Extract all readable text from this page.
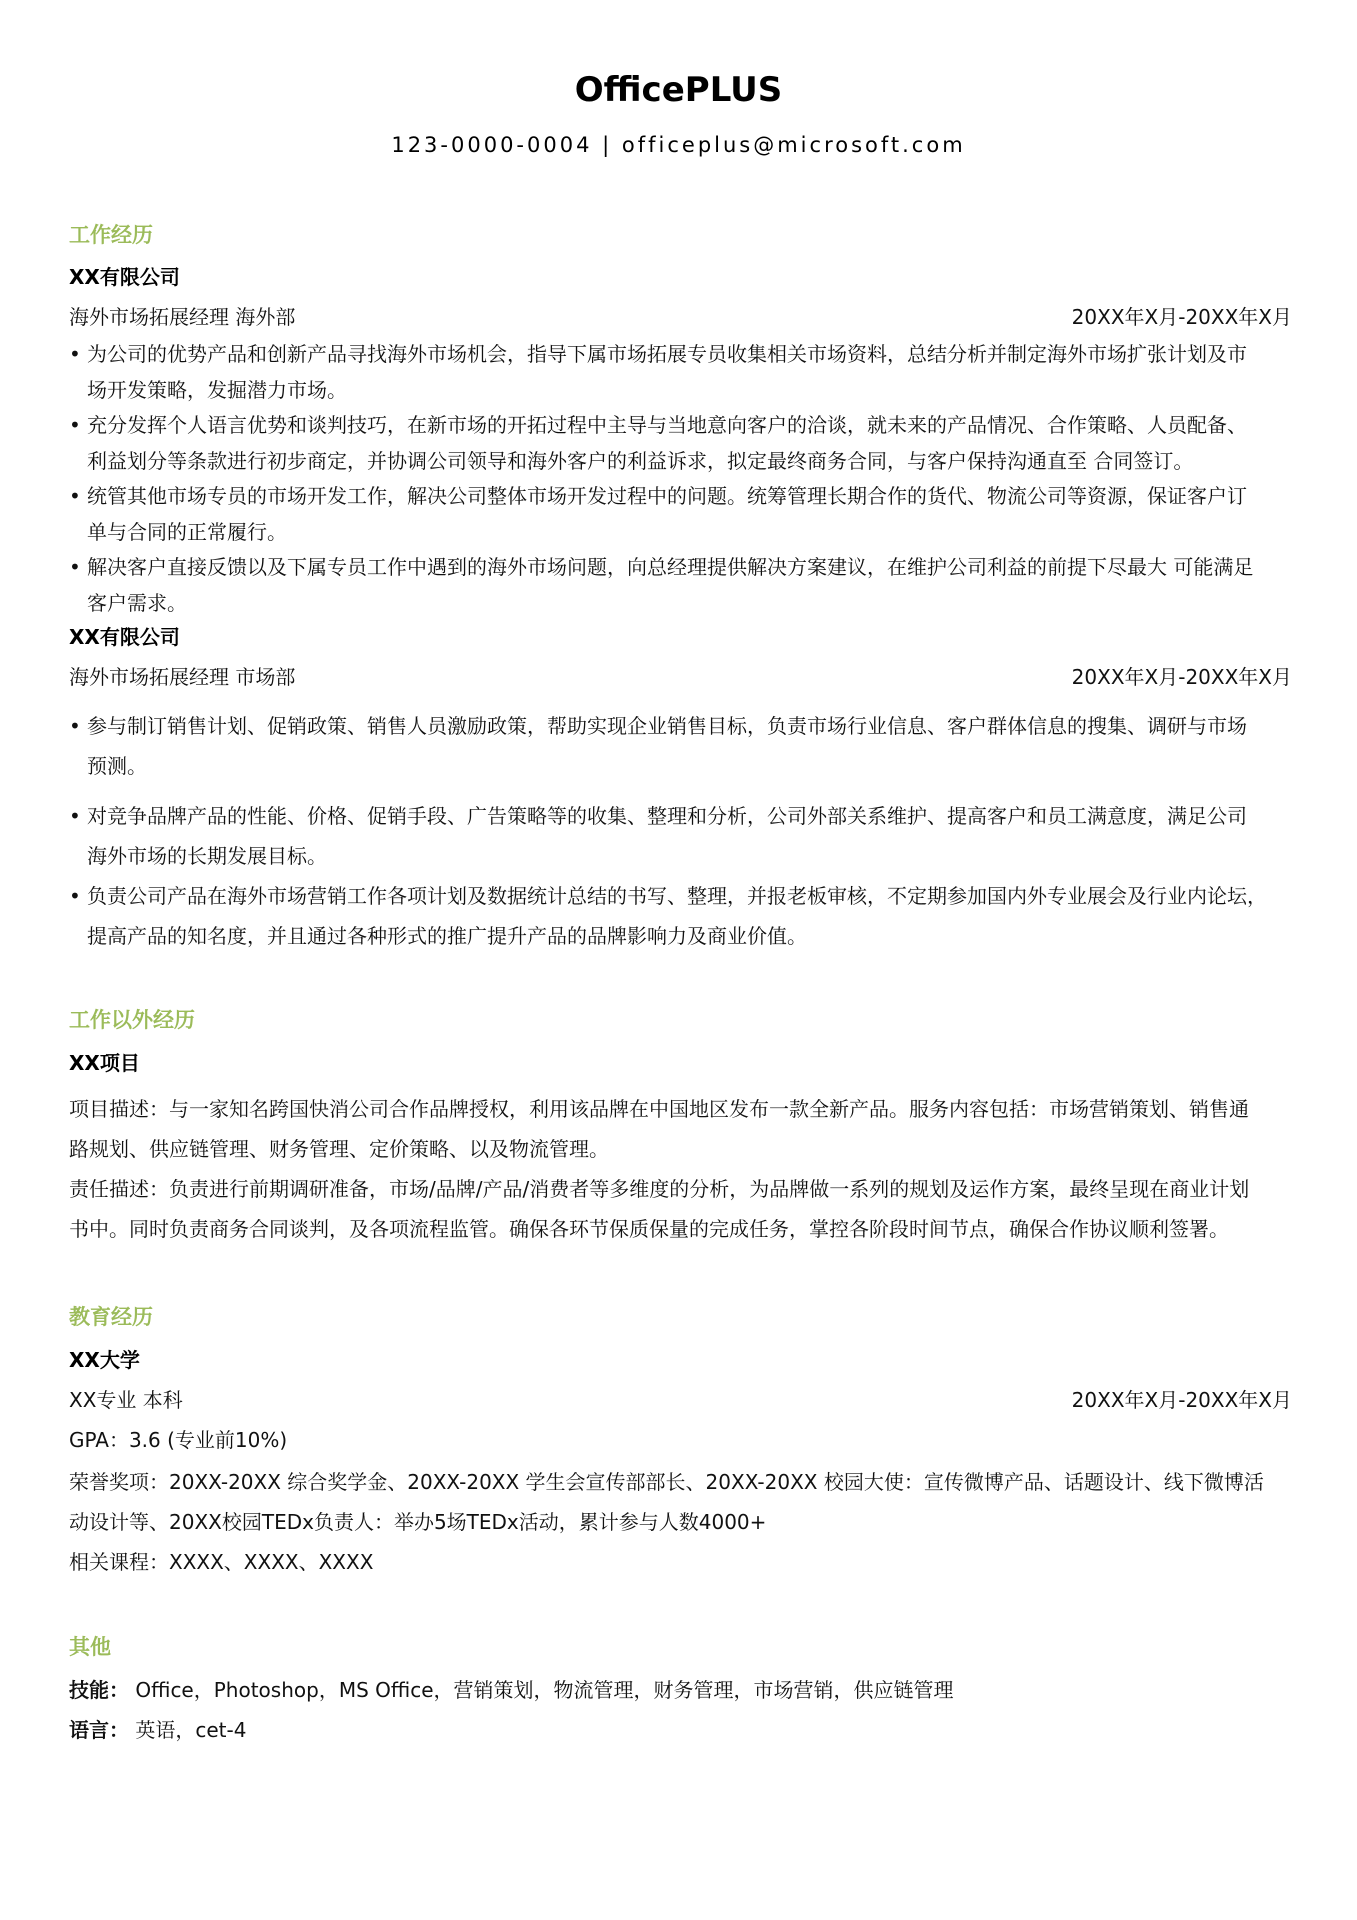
OfficePLUS
123-0000-0004 | officeplus@microsoft.com
工作经历
XX有限公司
海外市场拓展经理 海外部	20XX年X月-20XX年X月
• 为公司的优势产品和创新产品寻找海外市场机会，指导下属市场拓展专员收集相关市场资料，总结分析并制定海外市场扩张计划及市
场开发策略，发掘潜力市场。
• 充分发挥个人语言优势和谈判技巧，在新市场的开拓过程中主导与当地意向客户的洽谈，就未来的产品情况、合作策略、人员配备、
利益划分等条款进行初步商定，并协调公司领导和海外客户的利益诉求，拟定最终商务合同，与客户保持沟通直至 合同签订。
• 统管其他市场专员的市场开发工作，解决公司整体市场开发过程中的问题。统筹管理长期合作的货代、物流公司等资源，保证客户订
单与合同的正常履行。
• 解决客户直接反馈以及下属专员工作中遇到的海外市场问题，向总经理提供解决方案建议，在维护公司利益的前提下尽最大 可能满足
客户需求。
XX有限公司
海外市场拓展经理 市场部	20XX年X月-20XX年X月
• 参与制订销售计划、促销政策、销售人员激励政策，帮助实现企业销售目标，负责市场行业信息、客户群体信息的搜集、调研与市场
预测。
• 对竞争品牌产品的性能、价格、促销手段、广告策略等的收集、整理和分析，公司外部关系维护、提高客户和员工满意度，满足公司
海外市场的长期发展目标。
• 负责公司产品在海外市场营销工作各项计划及数据统计总结的书写、整理，并报老板审核，不定期参加国内外专业展会及行业内论坛，
提高产品的知名度，并且通过各种形式的推广提升产品的品牌影响力及商业价值。
工作以外经历
XX项目
项目描述：与一家知名跨国快消公司合作品牌授权，利用该品牌在中国地区发布一款全新产品。服务内容包括：市场营销策划、销售通
路规划、供应链管理、财务管理、定价策略、以及物流管理。
责任描述：负责进行前期调研准备，市场/品牌/产品/消费者等多维度的分析，为品牌做一系列的规划及运作方案，最终呈现在商业计划
书中。同时负责商务合同谈判，及各项流程监管。确保各环节保质保量的完成任务，掌控各阶段时间节点，确保合作协议顺利签署。
教育经历
XX大学
XX专业 本科	20XX年X月-20XX年X月
GPA：3.6 (专业前10%)
荣誉奖项：20XX-20XX 综合奖学金、20XX-20XX 学生会宣传部部长、20XX-20XX 校园大使：宣传微博产品、话题设计、线下微博活
动设计等、20XX校园TEDx负责人：举办5场TEDx活动，累计参与人数4000+
相关课程：XXXX、XXXX、XXXX
其他
技能： Office，Photoshop，MS Office，营销策划，物流管理，财务管理，市场营销，供应链管理
语言： 英语，cet-4
